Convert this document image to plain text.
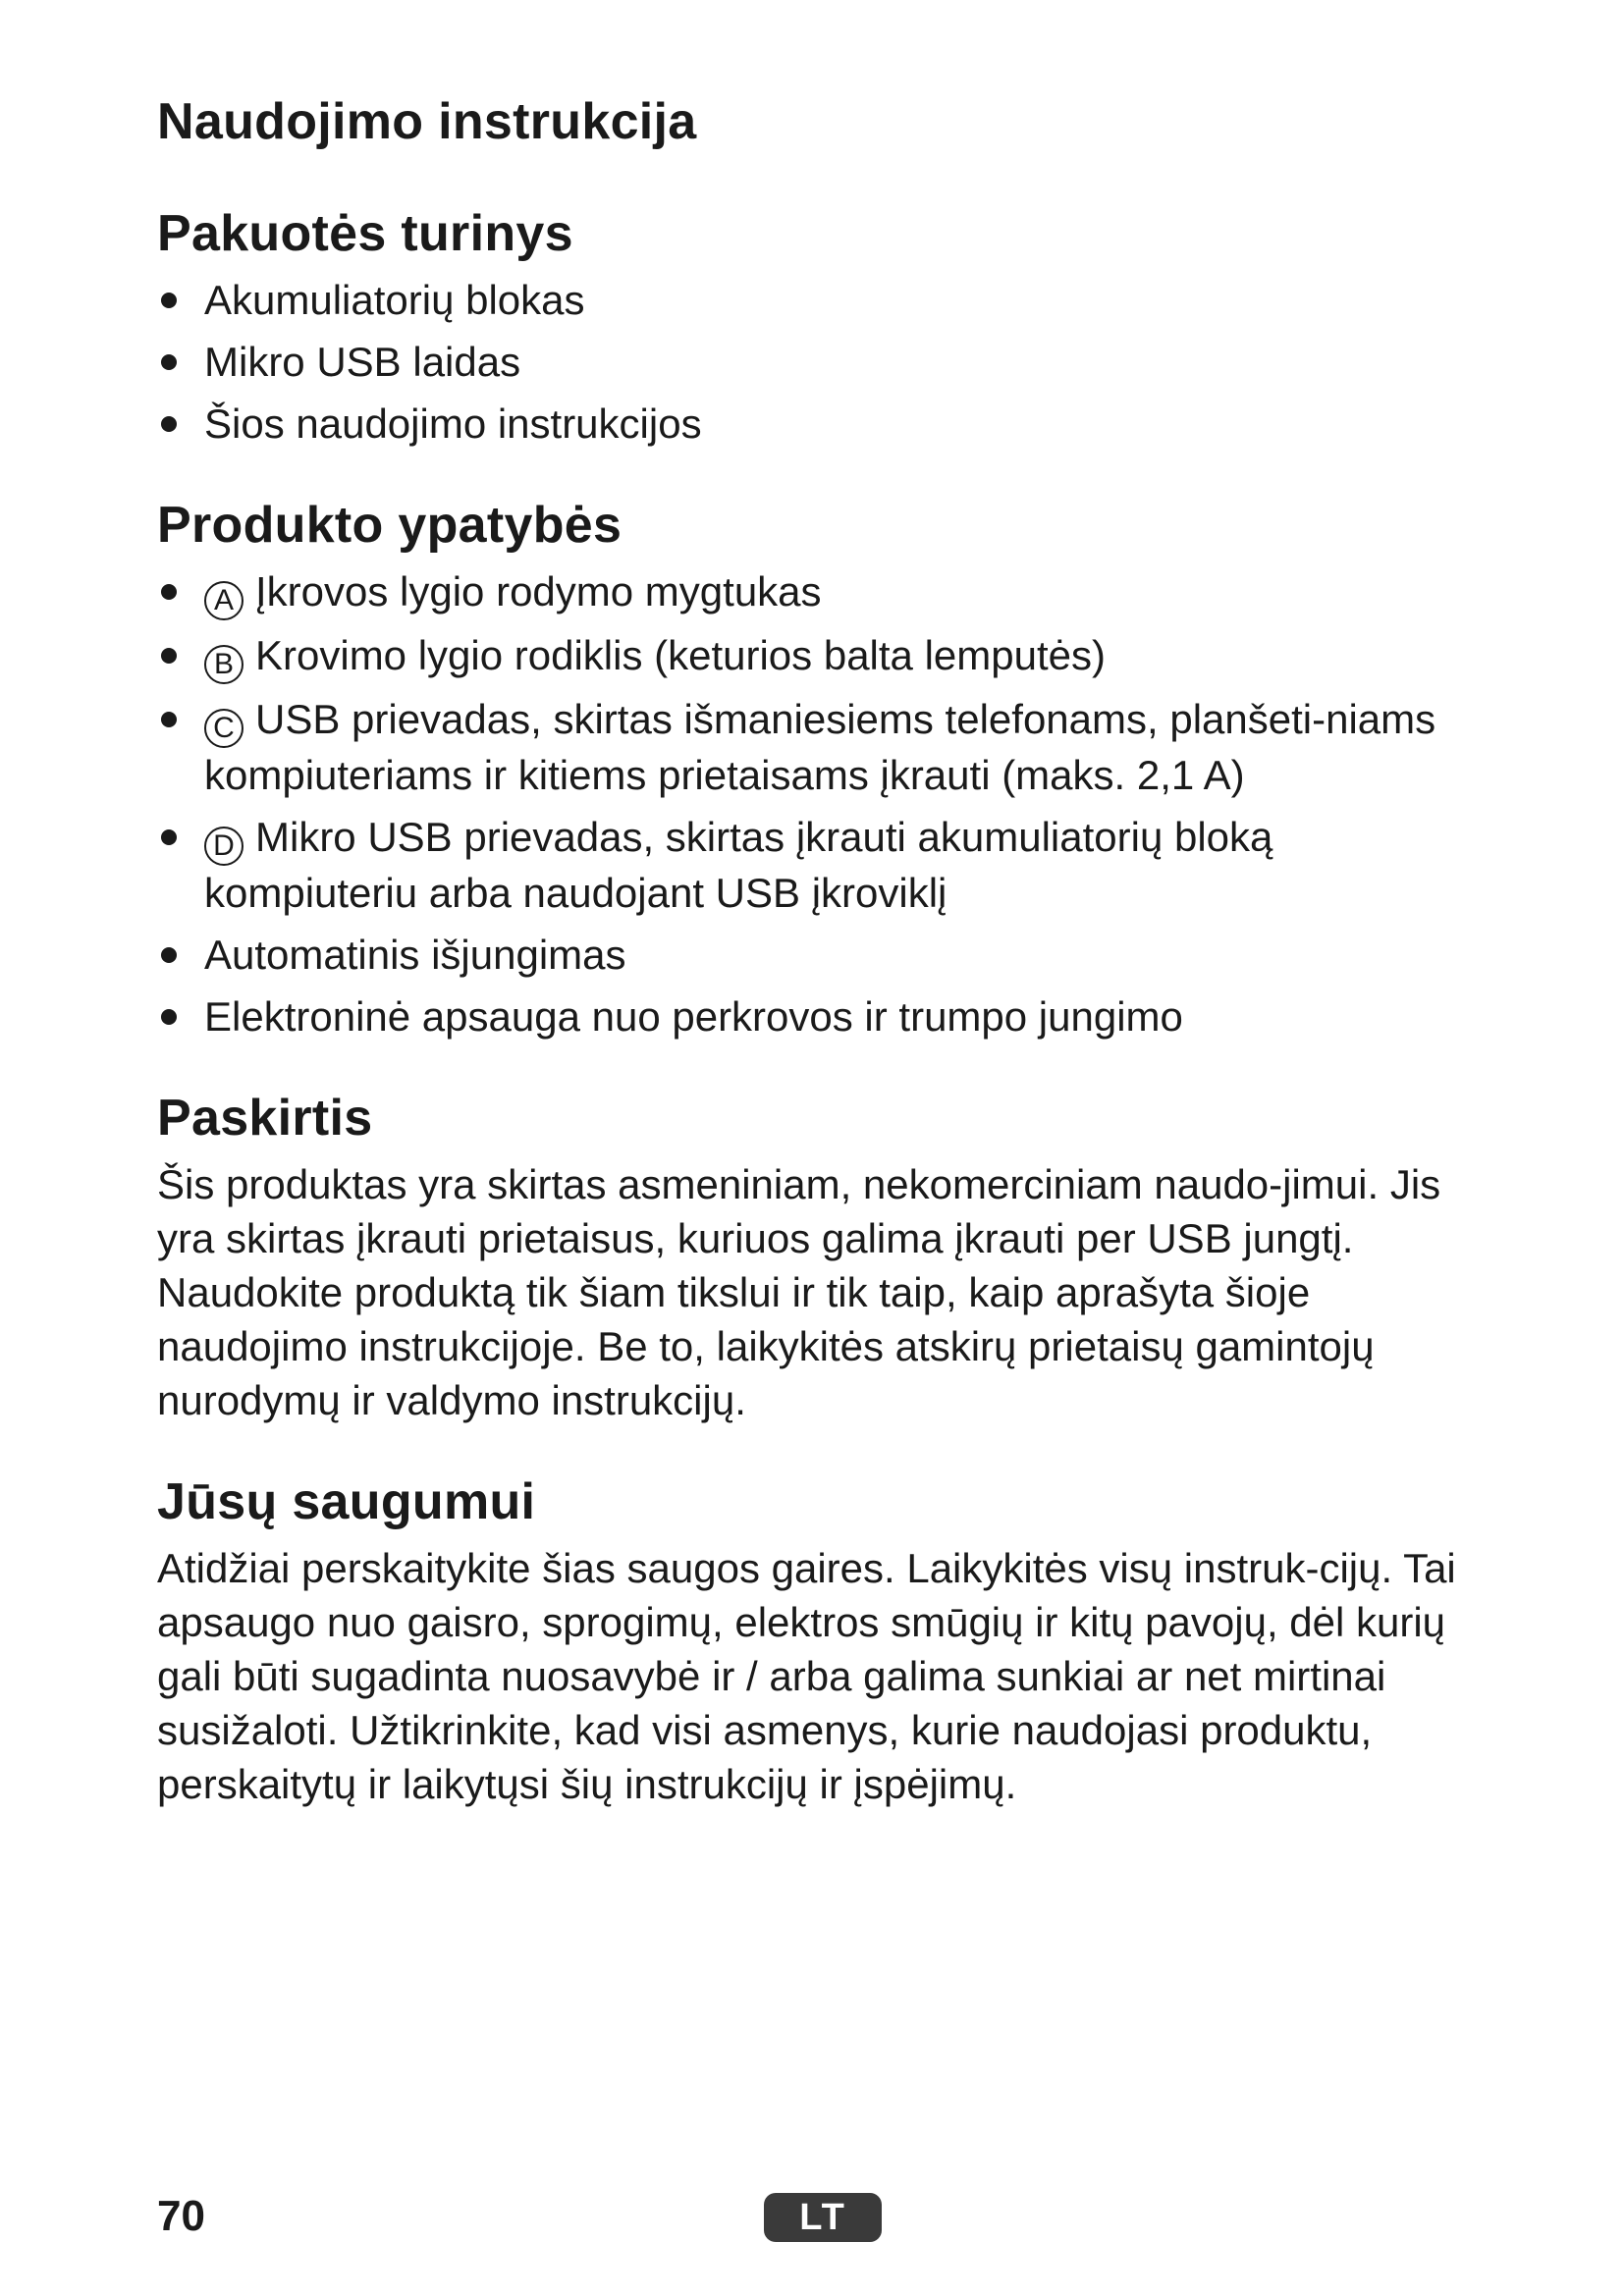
Naudojimo instrukcija
Pakuotės turinys
Akumuliatorių blokas
Mikro USB laidas
Šios naudojimo instrukcijos
Produkto ypatybės
A Įkrovos lygio rodymo mygtukas
B Krovimo lygio rodiklis (keturios balta lemputės)
C USB prievadas, skirtas išmaniesiems telefonams, planšeti-niams kompiuteriams ir kitiems prietaisams įkrauti (maks. 2,1 A)
D Mikro USB prievadas, skirtas įkrauti akumuliatorių bloką kompiuteriu arba naudojant USB įkroviklį
Automatinis išjungimas
Elektroninė apsauga nuo perkrovos ir trumpo jungimo
Paskirtis

Šis produktas yra skirtas asmeniniam, nekomerciniam naudo-jimui. Jis yra skirtas įkrauti prietaisus, kuriuos galima įkrauti per USB jungtį. Naudokite produktą tik šiam tikslui ir tik taip, kaip aprašyta šioje naudojimo instrukcijoje. Be to, laikykitės atskirų prietaisų gamintojų nurodymų ir valdymo instrukcijų.

Jūsų saugumui

Atidžiai perskaitykite šias saugos gaires. Laikykitės visų instruk-cijų. Tai apsaugo nuo gaisro, sprogimų, elektros smūgių ir kitų pavojų, dėl kurių gali būti sugadinta nuosavybė ir / arba galima sunkiai ar net mirtinai susižaloti. Užtikrinkite, kad visi asmenys, kurie naudojasi produktu, perskaitytų ir laikytųsi šių instrukcijų ir įspėjimų.

70	LT
